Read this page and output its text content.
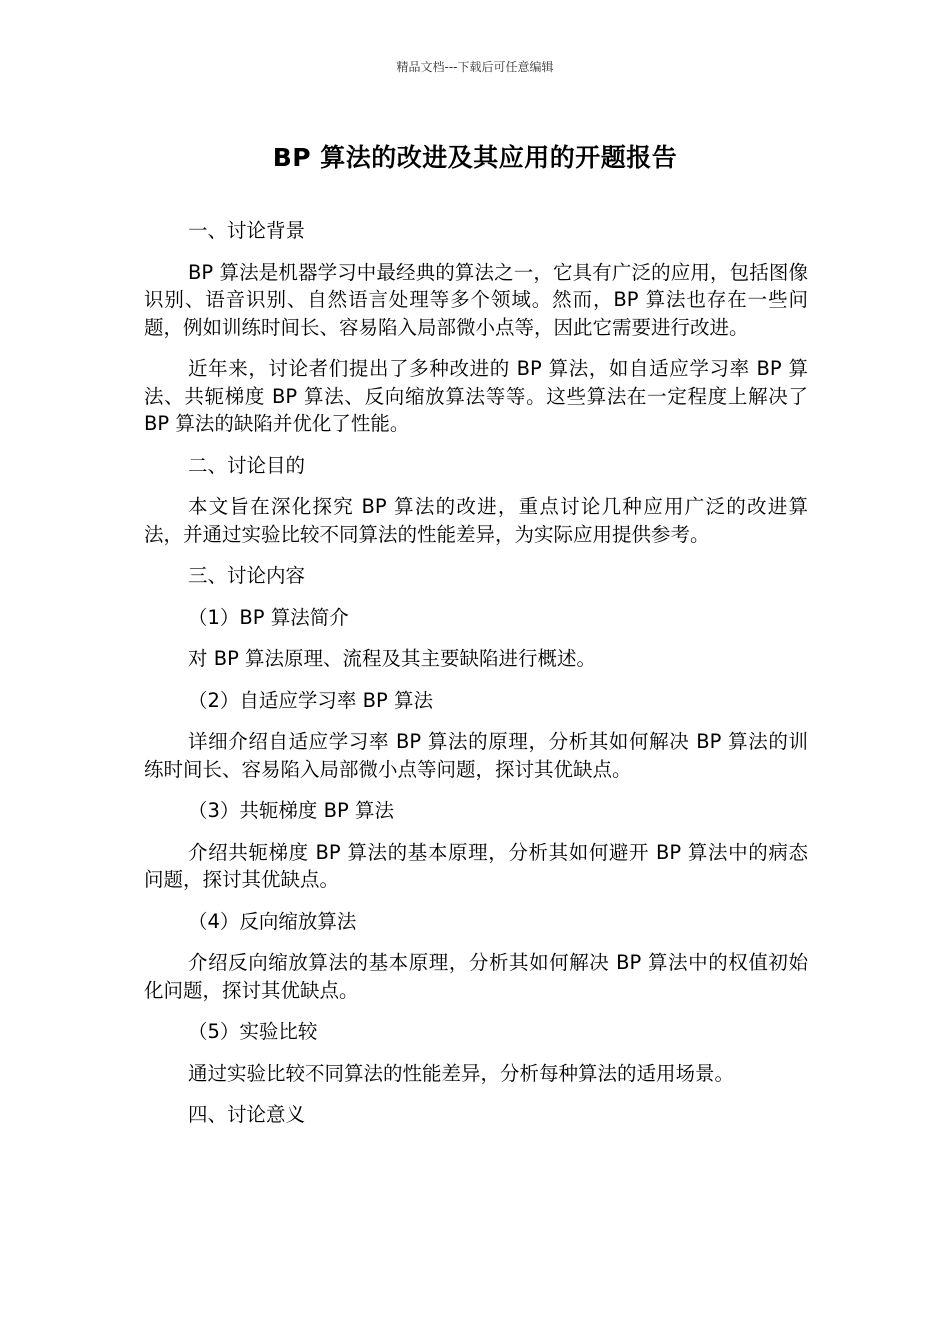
精品文档---下载后可任意编辑
BP 算法的改进及其应用的开题报告
一、讨论背景
BP 算法是机器学习中最经典的算法之一，它具有广泛的应用，包括图像识别、语音识别、自然语言处理等多个领域。然而，BP 算法也存在一些问题，例如训练时间长、容易陷入局部微小点等，因此它需要进行改进。
近年来，讨论者们提出了多种改进的 BP 算法，如自适应学习率 BP 算法、共轭梯度 BP 算法、反向缩放算法等等。这些算法在一定程度上解决了 BP 算法的缺陷并优化了性能。
二、讨论目的
本文旨在深化探究 BP 算法的改进，重点讨论几种应用广泛的改进算法，并通过实验比较不同算法的性能差异，为实际应用提供参考。
三、讨论内容
（1）BP 算法简介
对 BP 算法原理、流程及其主要缺陷进行概述。
（2）自适应学习率 BP 算法
详细介绍自适应学习率 BP 算法的原理，分析其如何解决 BP 算法的训练时间长、容易陷入局部微小点等问题，探讨其优缺点。
（3）共轭梯度 BP 算法
介绍共轭梯度 BP 算法的基本原理，分析其如何避开 BP 算法中的病态问题，探讨其优缺点。
（4）反向缩放算法
介绍反向缩放算法的基本原理，分析其如何解决 BP 算法中的权值初始化问题，探讨其优缺点。
（5）实验比较
通过实验比较不同算法的性能差异，分析每种算法的适用场景。
四、讨论意义
